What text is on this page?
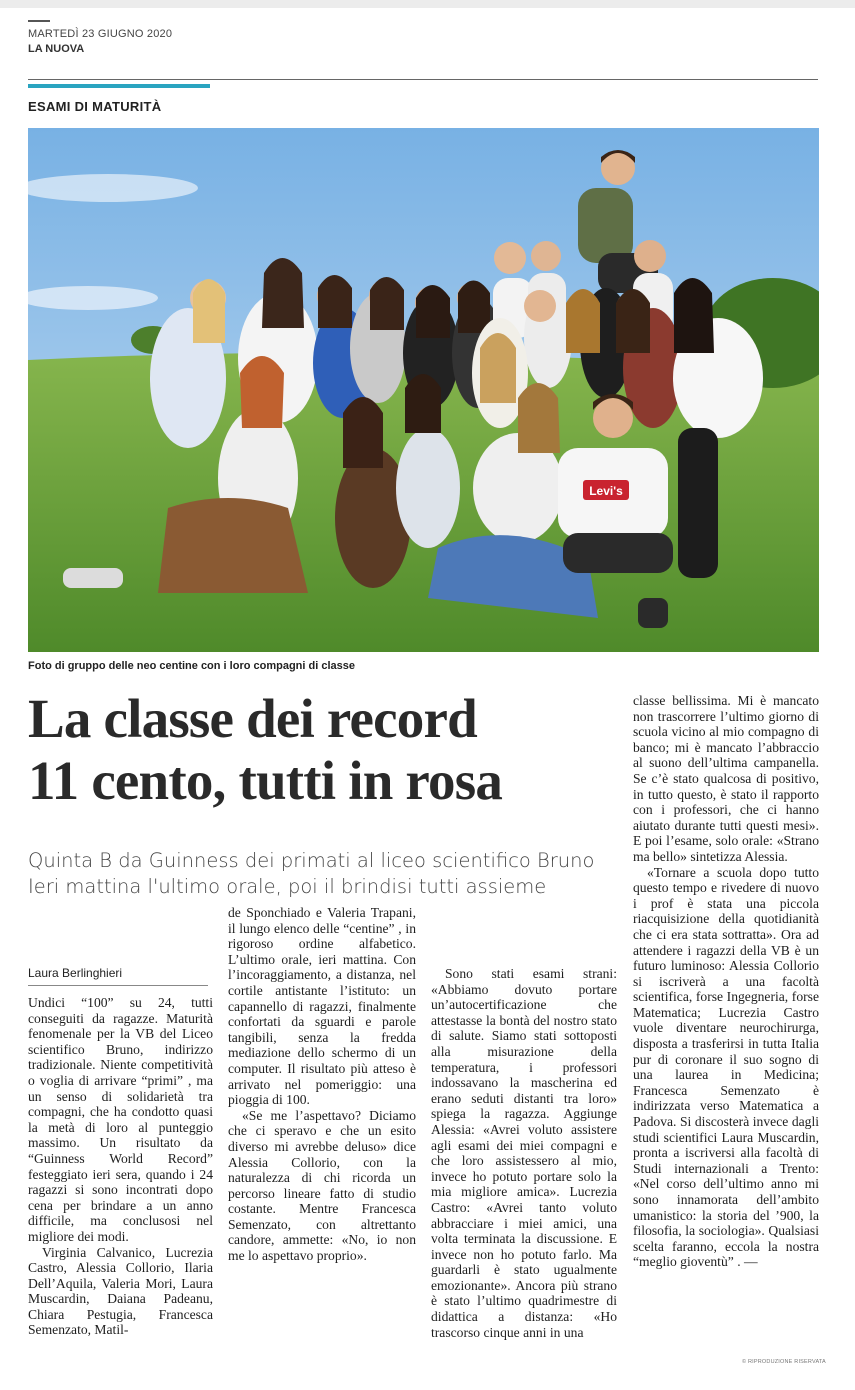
MARTEDÌ 23 GIUGNO 2020
LA NUOVA
ESAMI DI MATURITÀ
Levi's
Foto di gruppo delle neo centine con i loro compagni di classe
La classe dei record
11 cento, tutti in rosa
Quinta B da Guinness dei primati al liceo scientifico Bruno
Ieri mattina l'ultimo orale, poi il brindisi tutti assieme
Laura Berlinghieri

Undici “100” su 24, tutti conseguiti da ragazze. Maturità fenomenale per la VB del Liceo scientifico Bruno, indirizzo tradizionale. Niente competitività o voglia di arrivare “primi” , ma un senso di solidarietà tra compagni, che ha condotto quasi la metà di loro al punteggio massimo. Un risultato da “Guinness World Record” festeggiato ieri sera, quando i 24 ragazzi si sono incontrati dopo cena per brindare a un anno difficile, ma conclusosi nel migliore dei modi.

Virginia Calvanico, Lucrezia Castro, Alessia Collorio, Ilaria Dell’Aquila, Valeria Mori, Laura Muscardin, Daiana Padeanu, Chiara Pestugia, Francesca Semenzato, Matil-

de Sponchiado e Valeria Trapani, il lungo elenco delle “centine” , in rigoroso ordine alfabetico. L’ultimo orale, ieri mattina. Con l’incoraggiamento, a distanza, nel cortile antistante l’istituto: un capannello di ragazzi, finalmente confortati da sguardi e parole tangibili, senza la fredda mediazione dello schermo di un computer. Il risultato più atteso è arrivato nel pomeriggio: una pioggia di 100.

«Se me l’aspettavo? Diciamo che ci speravo e che un esito diverso mi avrebbe deluso» dice Alessia Collorio, con la naturalezza di chi ricorda un percorso lineare fatto di studio costante. Mentre Francesca Semenzato, con altrettanto candore, ammette: «No, io non me lo aspettavo proprio».

Sono stati esami strani: «Abbiamo dovuto portare un’autocertificazione che attestasse la bontà del nostro stato di salute. Siamo stati sottoposti alla misurazione della temperatura, i professori indossavano la mascherina ed erano seduti distanti tra loro» spiega la ragazza. Aggiunge Alessia: «Avrei voluto assistere agli esami dei miei compagni e che loro assistessero al mio, invece ho potuto portare solo la mia migliore amica». Lucrezia Castro: «Avrei tanto voluto abbracciare i miei amici, una volta terminata la discussione. E invece non ho potuto farlo. Ma guardarli è stato ugualmente emozionante». Ancora più strano è stato l’ultimo quadrimestre di didattica a distanza: «Ho trascorso cinque anni in una

classe bellissima. Mi è mancato non trascorrere l’ultimo giorno di scuola vicino al mio compagno di banco; mi è mancato l’abbraccio al suono dell’ultima campanella. Se c’è stato qualcosa di positivo, in tutto questo, è stato il rapporto con i professori, che ci hanno aiutato durante tutti questi mesi». E poi l’esame, solo orale: «Strano ma bello» sintetizza Alessia.

«Tornare a scuola dopo tutto questo tempo e rivedere di nuovo i prof è stata una piccola riacquisizione della quotidianità che ci era stata sottratta». Ora ad attendere i ragazzi della VB è un futuro luminoso: Alessia Collorio si iscriverà a una facoltà scientifica, forse Ingegneria, forse Matematica; Lucrezia Castro vuole diventare neurochirurga, disposta a trasferirsi in tutta Italia pur di coronare il suo sogno di una laurea in Medicina; Francesca Semenzato è indirizzata verso Matematica a Padova. Si discosterà invece dagli studi scientifici Laura Muscardin, pronta a iscriversi alla facoltà di Studi internazionali a Trento: «Nel corso dell’ultimo anno mi sono innamorata dell’ambito umanistico: la storia del ’900, la filosofia, la sociologia». Qualsiasi scelta faranno, eccola la nostra “meglio gioventù” . —

© RIPRODUZIONE RISERVATA
